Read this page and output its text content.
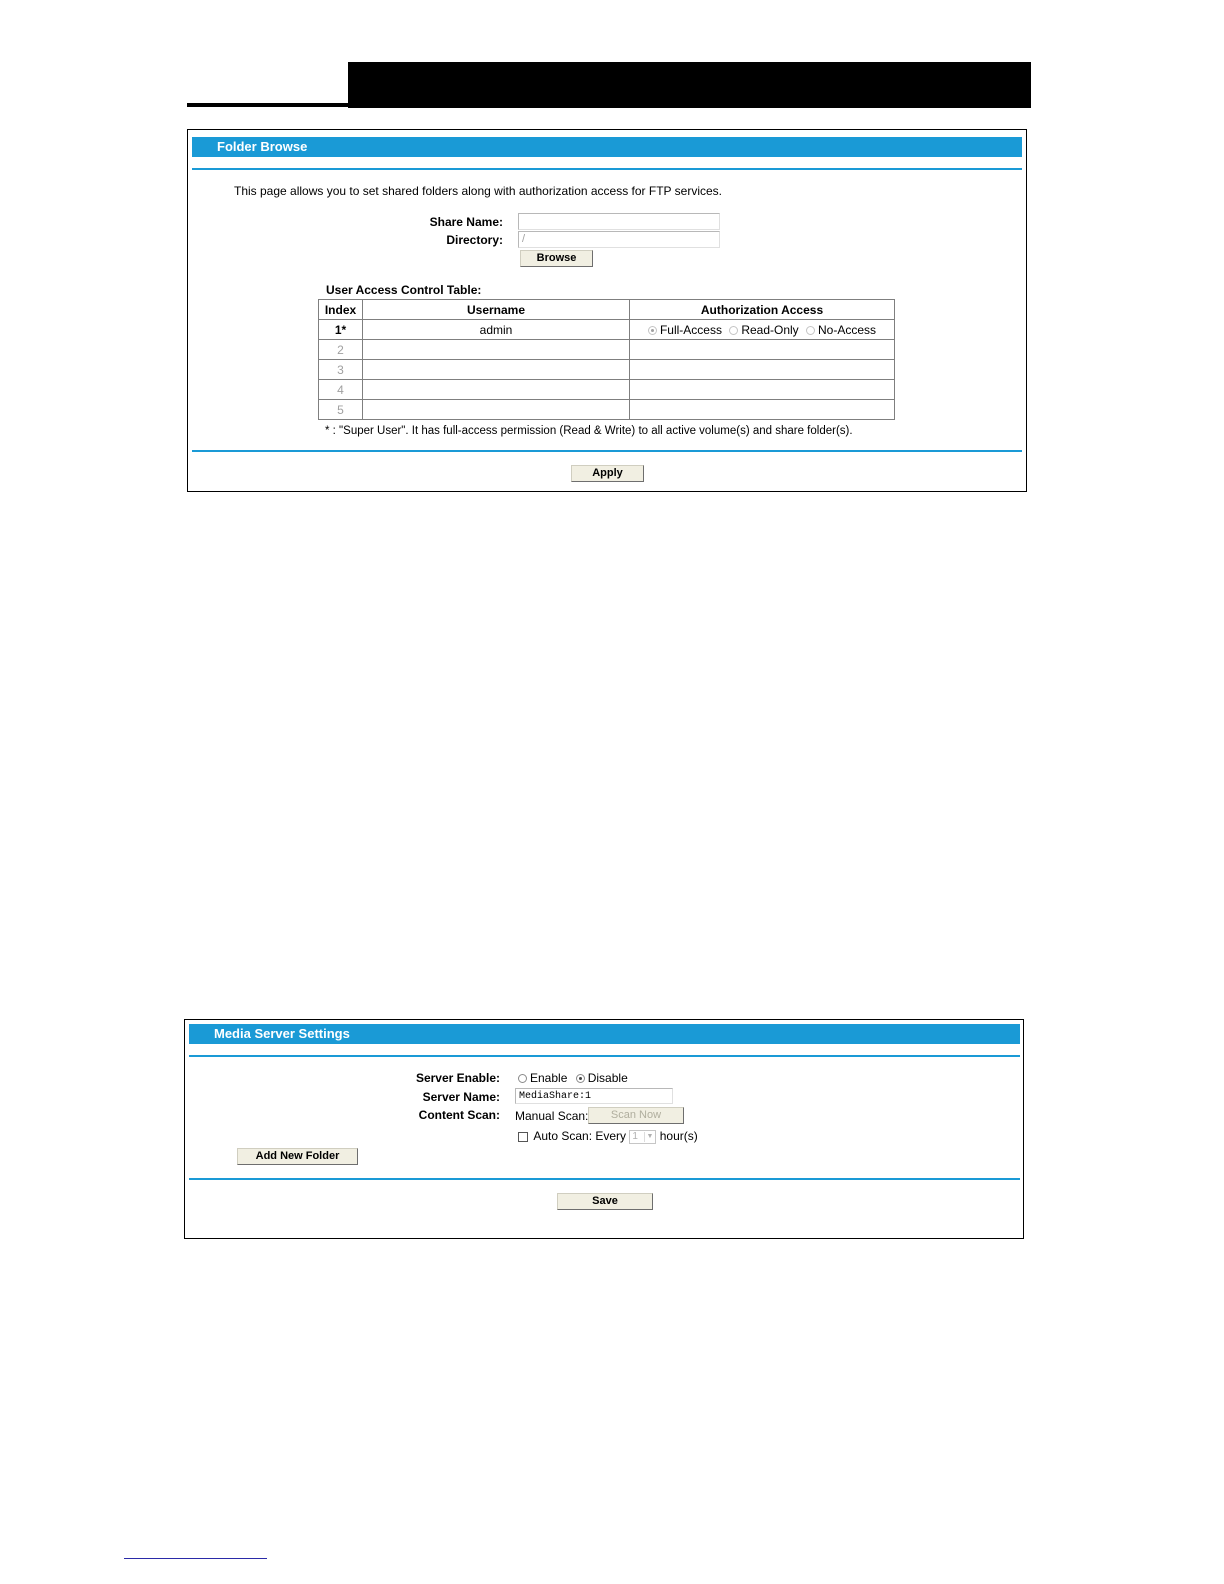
Folder Browse
This page allows you to set shared folders along with authorization access for FTP services.
Share Name:
Directory:	/
Browse
User Access Control Table:
Index	Username	Authorization Access
1*	admin	Full-Access Read-Only No-Access
2		
3		
4		
5		
* : "Super User". It has full-access permission (Read & Write) to all active volume(s) and share folder(s).
Apply
Media Server Settings
Server Enable:	Enable Disable
Server Name:	MediaShare:1
Content Scan: Manual Scan:	Scan Now
Auto Scan: Every 1 ▼ hour(s)
Add New Folder
Save
